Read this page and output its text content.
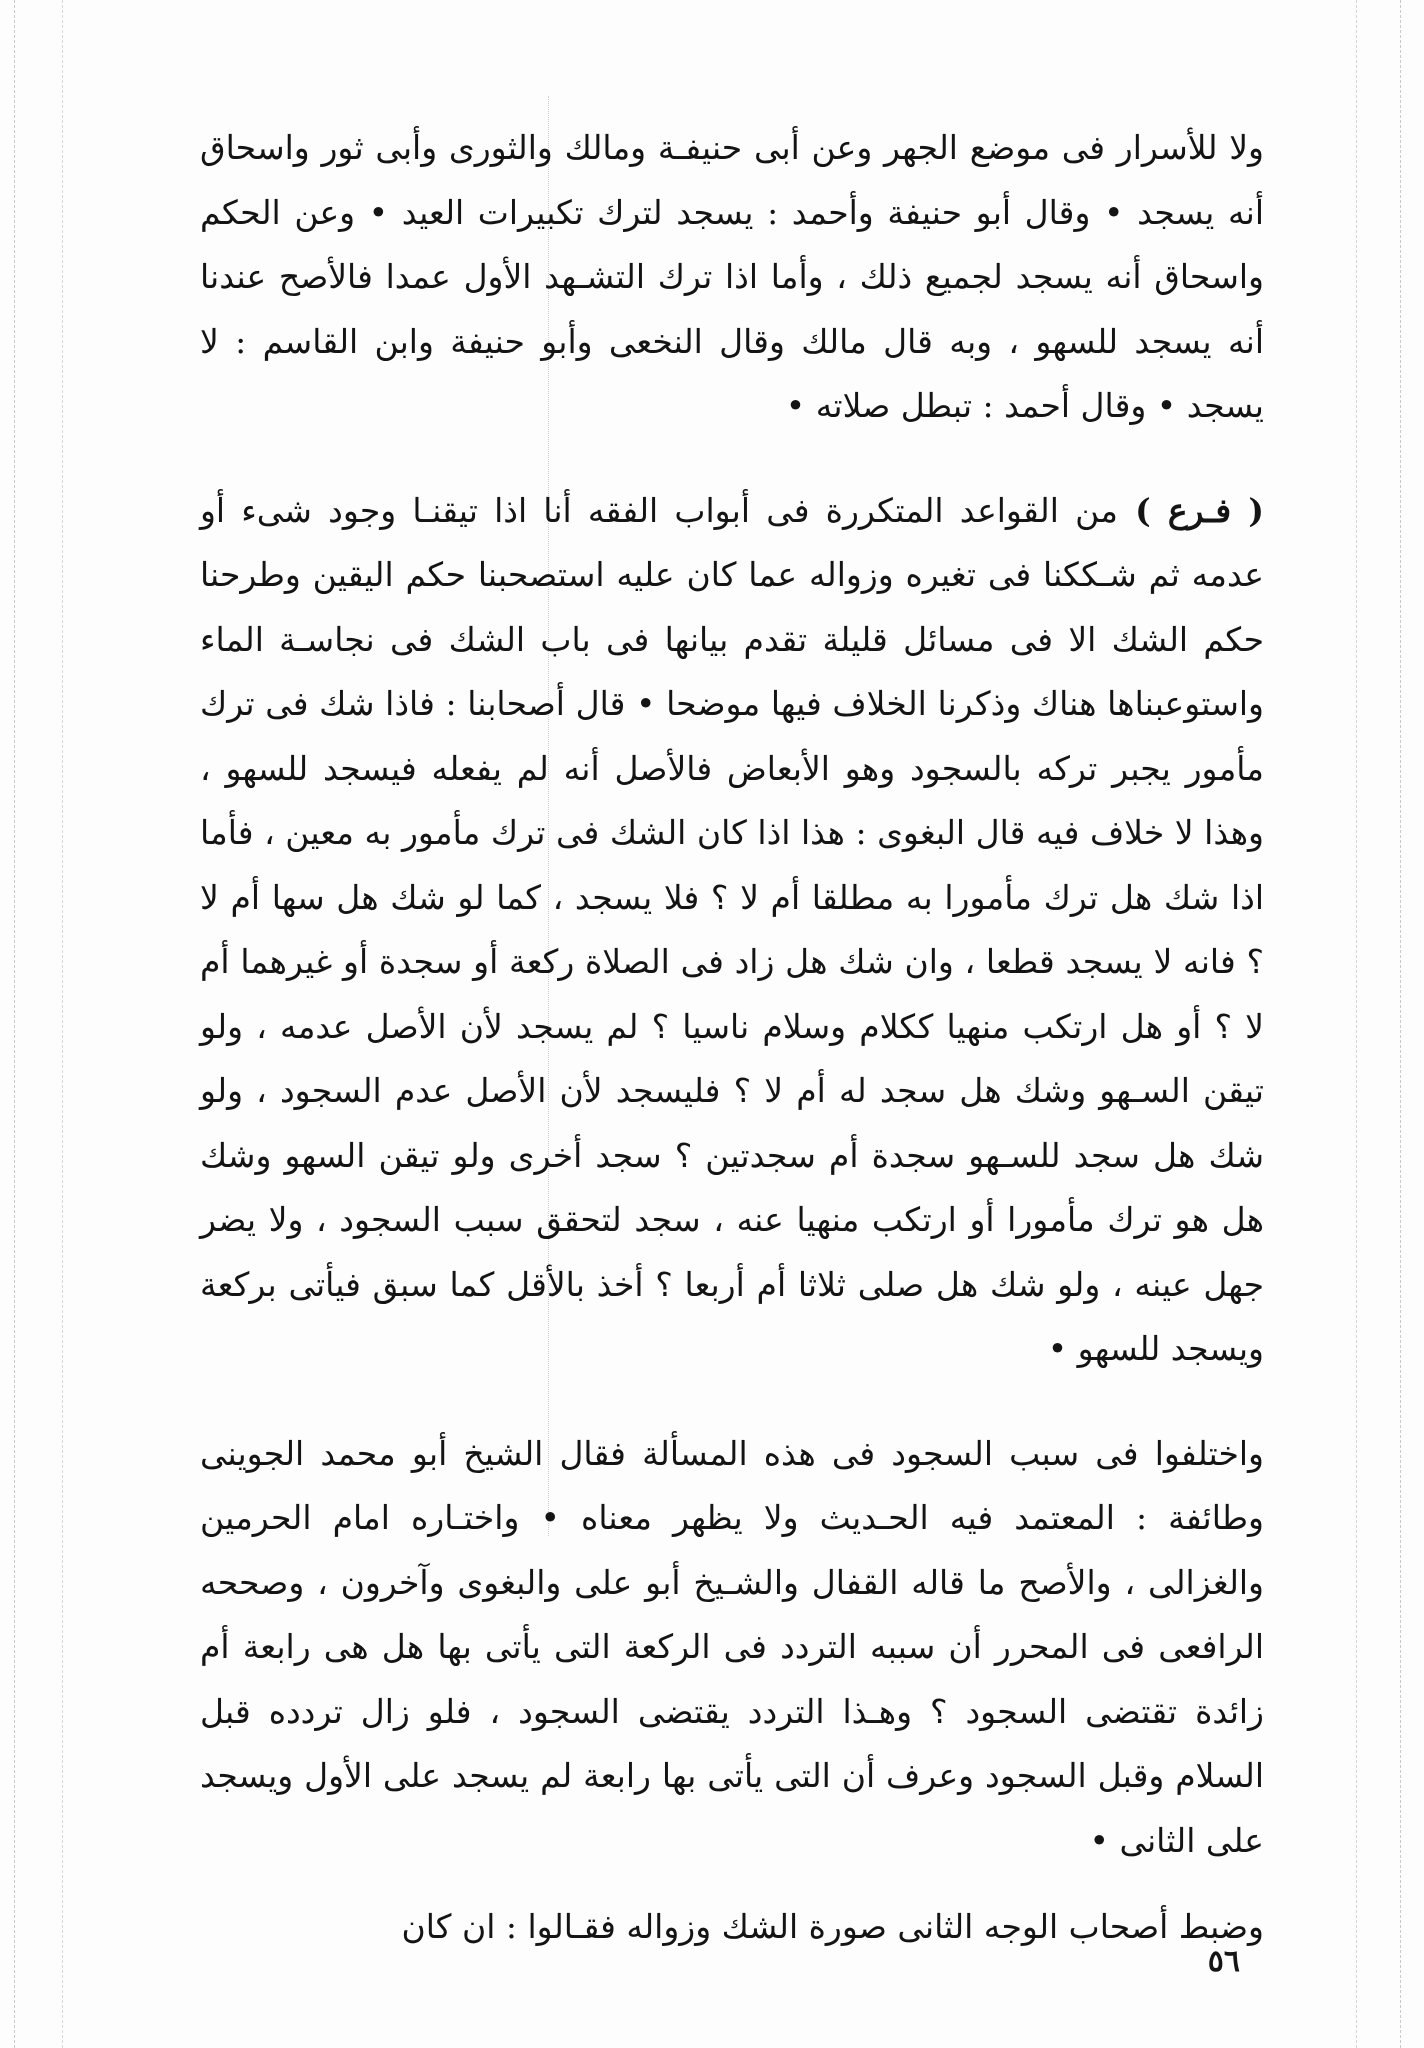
ولا للأسرار فى موضع الجهر وعن أبى حنيفـة ومالك والثورى وأبى ثور واسحاق أنه يسجد • وقال أبو حنيفة وأحمد : يسجد لترك تكبيرات العيد • وعن الحكم واسحاق أنه يسجد لجميع ذلك ، وأما اذا ترك التشـهد الأول عمدا فالأصح عندنا أنه يسجد للسهو ، وبه قال مالك وقال النخعى وأبو حنيفة وابن القاسم : لا يسجد • وقال أحمد : تبطل صلاته •

( فـرع ) من القواعد المتكررة فى أبواب الفقه أنا اذا تيقنـا وجود شىء أو عدمه ثم شـككنا فى تغيره وزواله عما كان عليه استصحبنا حكم اليقين وطرحنا حكم الشك الا فى مسائل قليلة تقدم بيانها فى باب الشك فى نجاسـة الماء واستوعبناها هناك وذكرنا الخلاف فيها موضحا • قال أصحابنا : فاذا شك فى ترك مأمور يجبر تركه بالسجود وهو الأبعاض فالأصل أنه لم يفعله فيسجد للسهو ، وهذا لا خلاف فيه قال البغوى : هذا اذا كان الشك فى ترك مأمور به معين ، فأما اذا شك هل ترك مأمورا به مطلقا أم لا ؟ فلا يسجد ، كما لو شك هل سها أم لا ؟ فانه لا يسجد قطعا ، وان شك هل زاد فى الصلاة ركعة أو سجدة أو غيرهما أم لا ؟ أو هل ارتكب منهيا ككلام وسلام ناسيا ؟ لم يسجد لأن الأصل عدمه ، ولو تيقن السـهو وشك هل سجد له أم لا ؟ فليسجد لأن الأصل عدم السجود ، ولو شك هل سجد للسـهو سجدة أم سجدتين ؟ سجد أخرى ولو تيقن السهو وشك هل هو ترك مأمورا أو ارتكب منهيا عنه ، سجد لتحقق سبب السجود ، ولا يضر جهل عينه ، ولو شك هل صلى ثلاثا أم أربعا ؟ أخذ بالأقل كما سبق فيأتى بركعة ويسجد للسهو •

واختلفوا فى سبب السجود فى هذه المسألة فقال الشيخ أبو محمد الجوينى وطائفة : المعتمد فيه الحـديث ولا يظهر معناه • واختـاره امام الحرمين والغزالى ، والأصح ما قاله القفال والشـيخ أبو على والبغوى وآخرون ، وصححه الرافعى فى المحرر أن سببه التردد فى الركعة التى يأتى بها هل هى رابعة أم زائدة تقتضى السجود ؟ وهـذا التردد يقتضى السجود ، فلو زال تردده قبل السلام وقبل السجود وعرف أن التى يأتى بها رابعة لم يسجد على الأول ويسجد على الثانى •

وضبط أصحاب الوجه الثانى صورة الشك وزواله فقـالوا : ان كان

٥٦
